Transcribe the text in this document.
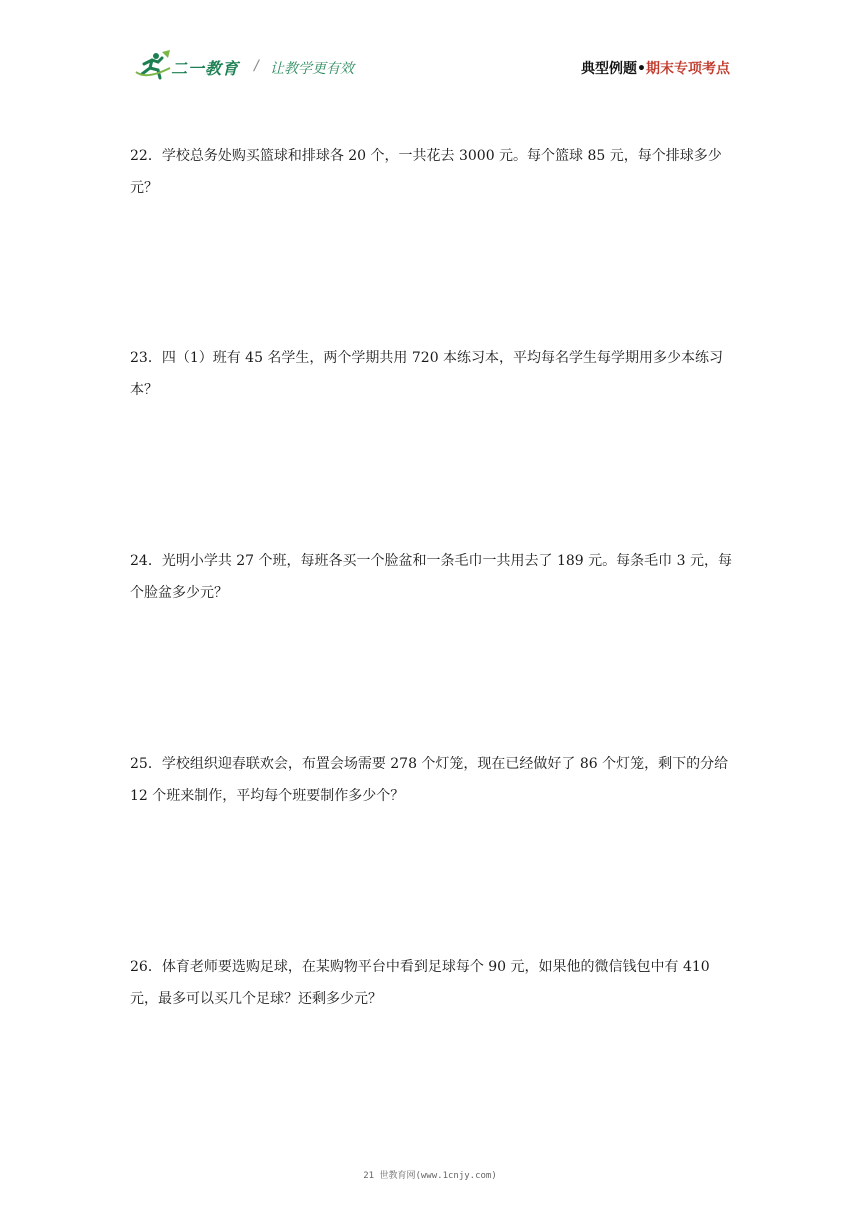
二一教育 / 让教学更有效	典型例题•期末专项考点
22．学校总务处购买篮球和排球各 20 个，一共花去 3000 元。每个篮球 85 元，每个排球多少元？
23．四（1）班有 45 名学生，两个学期共用 720 本练习本，平均每名学生每学期用多少本练习本？
24．光明小学共 27 个班，每班各买一个脸盆和一条毛巾一共用去了 189 元。每条毛巾 3 元，每个脸盆多少元？
25．学校组织迎春联欢会，布置会场需要 278 个灯笼，现在已经做好了 86 个灯笼，剩下的分给 12 个班来制作，平均每个班要制作多少个？
26．体育老师要选购足球，在某购物平台中看到足球每个 90 元，如果他的微信钱包中有 410 元，最多可以买几个足球？还剩多少元？
21 世教育网(www.1cnjy.com)
